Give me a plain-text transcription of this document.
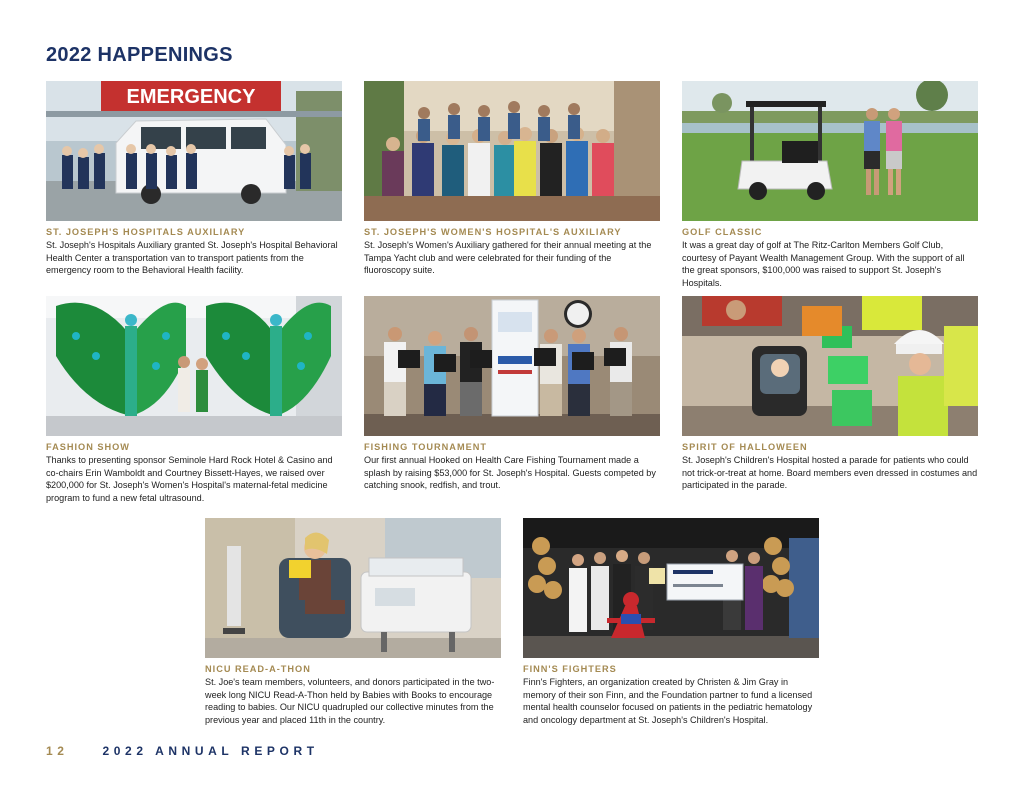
2022 HAPPENINGS
EMERGENCY

ST. JOSEPH'S HOSPITALS AUXILIARY

St. Joseph's Hospitals Auxiliary granted St. Joseph's Hospital Behavioral Health Center a transportation van to transport patients from the emergency room to the Behavioral Health facility.

ST. JOSEPH'S WOMEN'S HOSPITAL'S AUXILIARY

St. Joseph's Women's Auxiliary gathered for their annual meeting at the Tampa Yacht club and were celebrated for their funding of the fluoroscopy suite.

GOLF CLASSIC

It was a great day of golf at The Ritz-Carlton Members Golf Club, courtesy of Payant Wealth Management Group. With the support of all the great sponsors, $100,000 was raised to support St. Joseph's Hospitals.

FASHION SHOW

Thanks to presenting sponsor Seminole Hard Rock Hotel & Casino and co-chairs Erin Wamboldt and Courtney Bissett-Hayes, we raised over $200,000 for St. Joseph's Women's Hospital's maternal-fetal medicine program to fund a new fetal ultrasound.

FISHING TOURNAMENT

Our first annual Hooked on Health Care Fishing Tournament made a splash by raising $53,000 for St. Joseph's Hospital. Guests competed by catching snook, redfish, and trout.

SPIRIT OF HALLOWEEN

St. Joseph's Children's Hospital hosted a parade for patients who could not trick-or-treat at home. Board members even dressed in costumes and participated in the parade.

NICU READ-A-THON

St. Joe's team members, volunteers, and donors participated in the two-week long NICU Read-A-Thon held by Babies with Books to encourage reading to babies. Our NICU quadrupled our collective minutes from the previous year and placed 11th in the country.

FINN'S FIGHTERS

Finn's Fighters, an organization created by Christen & Jim Gray in memory of their son Finn, and the Foundation partner to fund a licensed mental health counselor focused on patients in the pediatric hematology and oncology department at St. Joseph's Children's Hospital.

12	2022 ANNUAL REPORT
